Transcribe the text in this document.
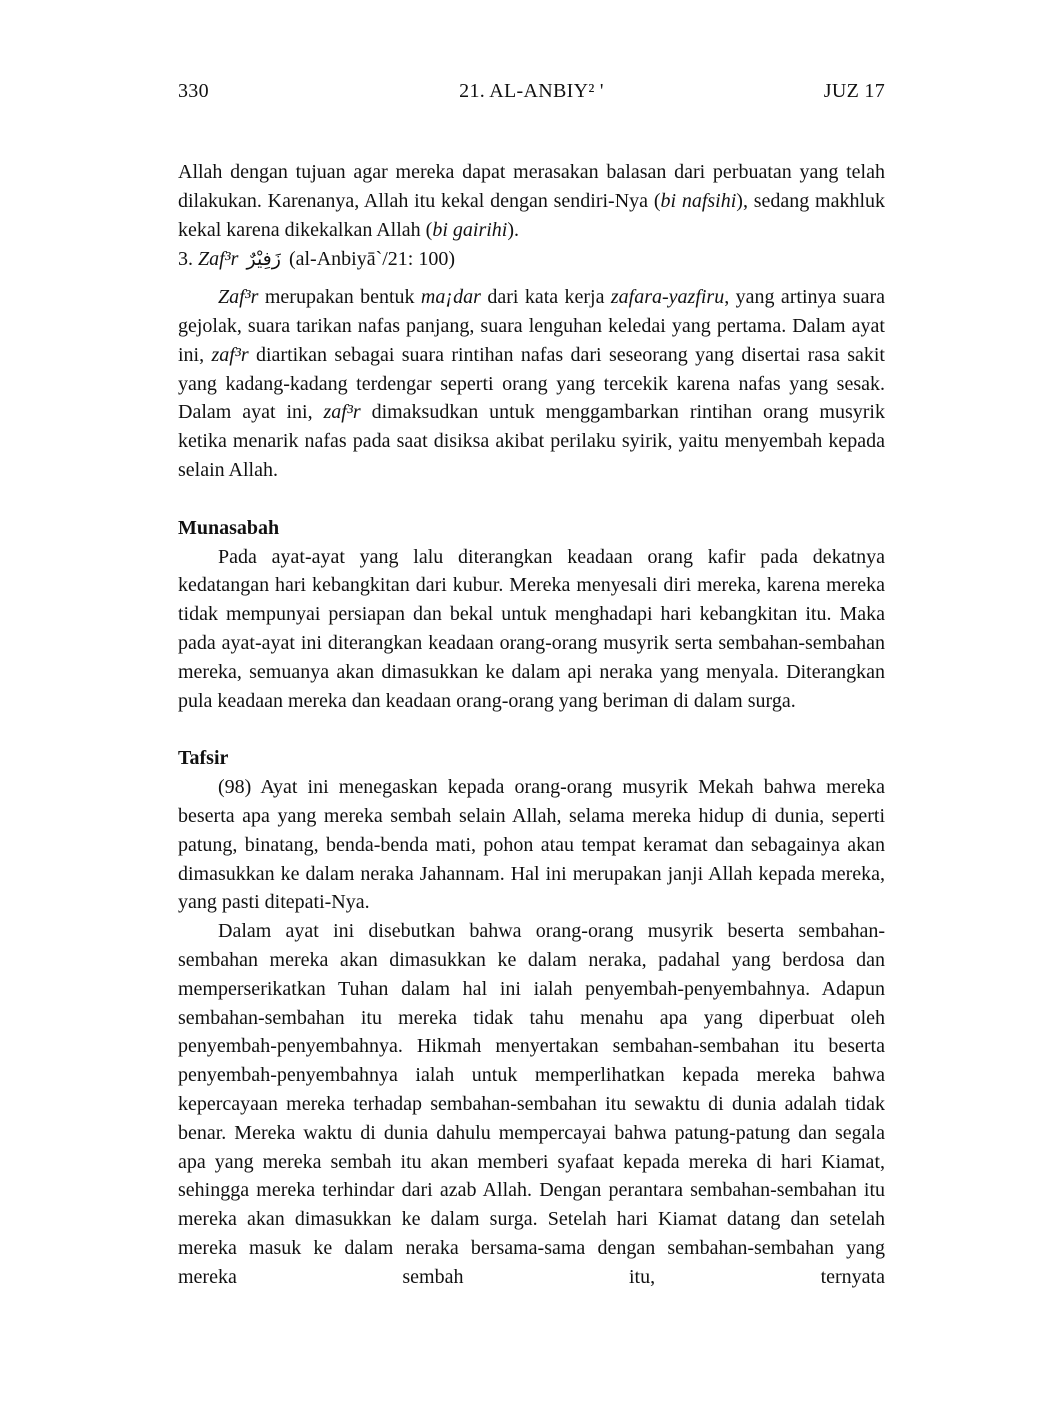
330	21. AL-ANBIY² '	JUZ 17

Allah dengan tujuan agar mereka dapat merasakan balasan dari perbuatan yang telah dilakukan. Karenanya, Allah itu kekal dengan sendiri-Nya (bi nafsihi), sedang makhluk kekal karena dikekalkan Allah (bi gairihi).

3. Zaf³r زَفِيْرٌ (al-Anbiyā`/21: 100)

Zaf³r merupakan bentuk ma¡dar dari kata kerja zafara-yazfiru, yang artinya suara gejolak, suara tarikan nafas panjang, suara lenguhan keledai yang pertama. Dalam ayat ini, zaf³r diartikan sebagai suara rintihan nafas dari seseorang yang disertai rasa sakit yang kadang-kadang terdengar seperti orang yang tercekik karena nafas yang sesak. Dalam ayat ini, zaf³r dimaksudkan untuk menggambarkan rintihan orang musyrik ketika menarik nafas pada saat disiksa akibat perilaku syirik, yaitu menyembah kepada selain Allah.

Munasabah

Pada ayat-ayat yang lalu diterangkan keadaan orang kafir pada dekatnya kedatangan hari kebangkitan dari kubur. Mereka menyesali diri mereka, karena mereka tidak mempunyai persiapan dan bekal untuk menghadapi hari kebangkitan itu. Maka pada ayat-ayat ini diterangkan keadaan orang-orang musyrik serta sembahan-sembahan mereka, semuanya akan dimasukkan ke dalam api neraka yang menyala. Diterangkan pula keadaan mereka dan keadaan orang-orang yang beriman di dalam surga.

Tafsir

(98) Ayat ini menegaskan kepada orang-orang musyrik Mekah bahwa mereka beserta apa yang mereka sembah selain Allah, selama mereka hidup di dunia, seperti patung, binatang, benda-benda mati, pohon atau tempat keramat dan sebagainya akan dimasukkan ke dalam neraka Jahannam. Hal ini merupakan janji Allah kepada mereka, yang pasti ditepati-Nya.

Dalam ayat ini disebutkan bahwa orang-orang musyrik beserta sembahan-sembahan mereka akan dimasukkan ke dalam neraka, padahal yang berdosa dan memperserikatkan Tuhan dalam hal ini ialah penyembah-penyembahnya. Adapun sembahan-sembahan itu mereka tidak tahu menahu apa yang diperbuat oleh penyembah-penyembahnya. Hikmah menyertakan sembahan-sembahan itu beserta penyembah-penyembahnya ialah untuk memperlihatkan kepada mereka bahwa kepercayaan mereka terhadap sembahan-sembahan itu sewaktu di dunia adalah tidak benar. Mereka waktu di dunia dahulu mempercayai bahwa patung-patung dan segala apa yang mereka sembah itu akan memberi syafaat kepada mereka di hari Kiamat, sehingga mereka terhindar dari azab Allah. Dengan perantara sembahan-sembahan itu mereka akan dimasukkan ke dalam surga. Setelah hari Kiamat datang dan setelah mereka masuk ke dalam neraka bersama-sama dengan sembahan-sembahan yang mereka sembah itu, ternyata
